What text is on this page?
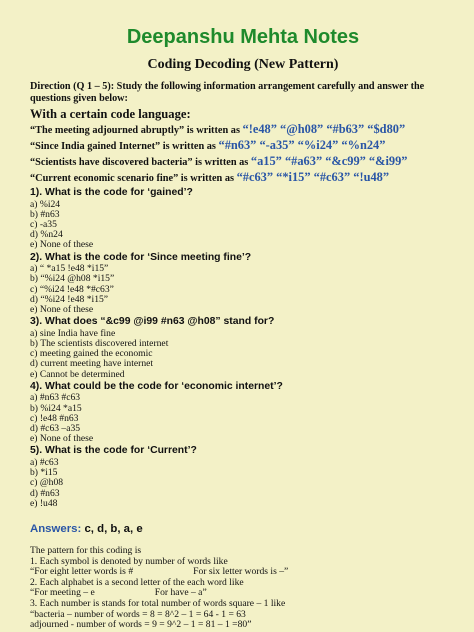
Deepanshu Mehta Notes
Coding Decoding (New Pattern)
Direction (Q 1 – 5): Study the following information arrangement carefully and answer the questions given below:
With a certain code language:
“The meeting adjourned abruptly” is written as “!e48” “@h08” “#b63” “$d80”
“Since India gained Internet” is written as “#n63” “-a35” “%i24” “%n24”
“Scientists have discovered bacteria” is written as “a15” “#a63” “&c99” “&i99”
“Current economic scenario fine” is written as “#c63” “*i15” “#c63” “!u48”
1). What is the code for ‘gained’?
a) %i24
b) #n63
c) -a35
d) %n24
e) None of these
2). What is the code for ‘Since meeting fine’?
a) “ *a15 !e48 *i15”
b) “%i24 @h08 *i15”
c) “%i24 !e48 *#c63”
d) “%i24 !e48 *i15”
e) None of these
3). What does “&c99 @i99 #n63 @h08” stand for?
a) sine India have fine
b) The scientists discovered internet
c) meeting gained the economic
d) current meeting have internet
e) Cannot be determined
4). What could be the code for ‘economic internet’?
a) #n63 #c63
b) %i24 *a15
c) !e48 #n63
d) #c63 –a35
e) None of these
5). What is the code for ‘Current’?
a) #c63
b) *i15
c) @h08
d) #n63
e) !u48
Answers: c, d, b, a, e
The pattern for this coding is
1. Each symbol is denoted by number of words like
“For eight letter words is #	For six letter words is –”
2. Each alphabet is a second letter of the each word like
“For meeting – e	For have – a”
3. Each number is stands for total number of words square – 1 like
“bacteria – number of words = 8 = 8^2 – 1 = 64 - 1 = 63
adjourned - number of words = 9 = 9^2 – 1 = 81 – 1 =80”
